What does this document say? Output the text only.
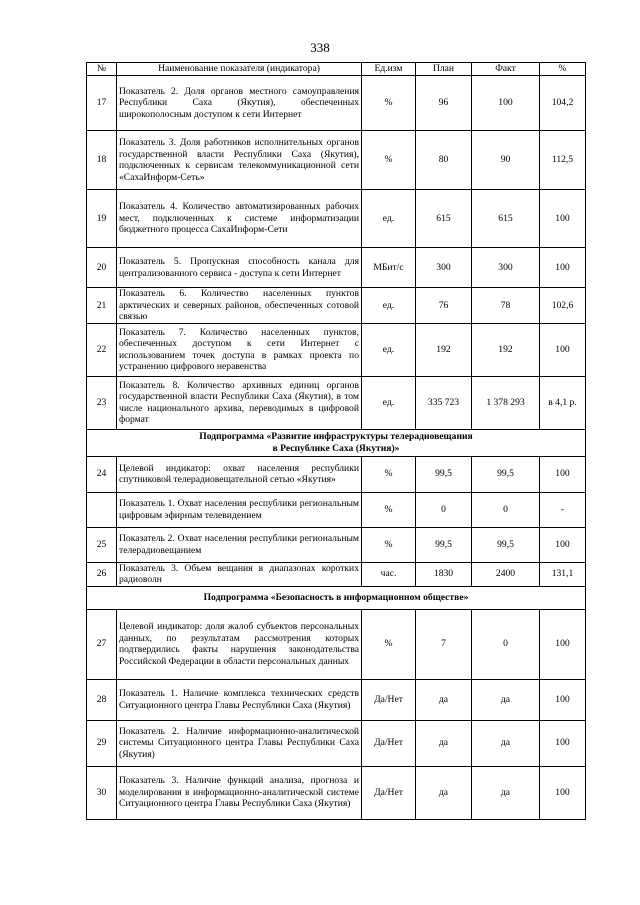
338
№	Наименование показателя (индикатора)	Ед.изм	План	Факт	%
17	Показатель 2. Доля органов местного самоуправления Республики Саха (Якутия), обеспеченных широкополосным доступом к сети Интернет	%	96	100	104,2
18	Показатель 3. Доля работников исполнительных органов государственной власти Республики Саха (Якутия), подключенных к сервисам телекоммуникационной сети «СахаИнформ-Сеть»	%	80	90	112,5
19	Показатель 4. Количество автоматизированных рабочих мест, подключенных к системе информатизации бюджетного процесса СахаИнформ-Сети	ед.	615	615	100
20	Показатель 5. Пропускная способность канала для централизованного сервиса - доступа к сети Интернет	МБит/с	300	300	100
21	Показатель 6. Количество населенных пунктов арктических и северных районов, обеспеченных сотовой связью	ед.	76	78	102,6
22	Показатель 7. Количество населенных пунктов, обеспеченных доступом к сети Интернет с использованием точек доступа в рамках проекта по устранению цифрового неравенства	ед.	192	192	100
23	Показатель 8. Количество архивных единиц органов государственной власти Республики Саха (Якутия), в том числе национального архива, переводимых в цифровой формат	ед.	335 723	1 378 293	в 4,1 р.
Подпрограмма «Развитие инфраструктуры телерадиовещания
в Республике Саха (Якутия)»					
24	Целевой индикатор: охват населения республики спутниковой телерадиовещательной сетью «Якутия»	%	99,5	99,5	100
	Показатель 1. Охват населения республики региональным цифровым эфирным телевидением	%	0	0	-
25	Показатель 2. Охват населения республики региональным телерадиовещанием	%	99,5	99,5	100
26	Показатель 3. Объем вещания в диапазонах коротких радиоволн	час.	1830	2400	131,1
Подпрограмма «Безопасность в информационном обществе»					
27	Целевой индикатор: доля жалоб субъектов персональных данных, по результатам рассмотрения которых подтвердились факты нарушения законодательства Российской Федерации в области персональных данных	%	7	0	100
28	Показатель 1. Наличие комплекса технических средств Ситуационного центра Главы Республики Саха (Якутия)	Да/Нет	да	да	100
29	Показатель 2. Наличие информационно-аналитической системы Ситуационного центра Главы Республики Саха (Якутия)	Да/Нет	да	да	100
30	Показатель 3. Наличие функций анализа, прогноза и моделирования в информационно-аналитической системе Ситуационного центра Главы Республики Саха (Якутия)	Да/Нет	да	да	100
